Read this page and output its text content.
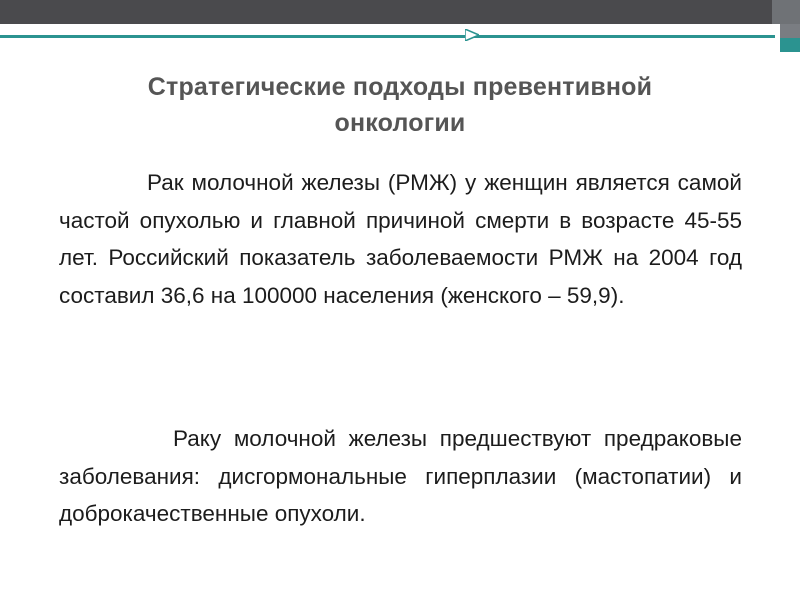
Стратегические подходы превентивной
онкологии
Рак молочной железы (РМЖ) у женщин является самой частой опухолью и главной причиной смерти в возрасте 45-55 лет. Российский показатель заболеваемости РМЖ на 2004 год составил 36,6 на 100000 населения (женского – 59,9).
Раку молочной железы предшествуют предраковые заболевания: дисгормональные гиперплазии (мастопатии) и доброкачественные опухоли.
